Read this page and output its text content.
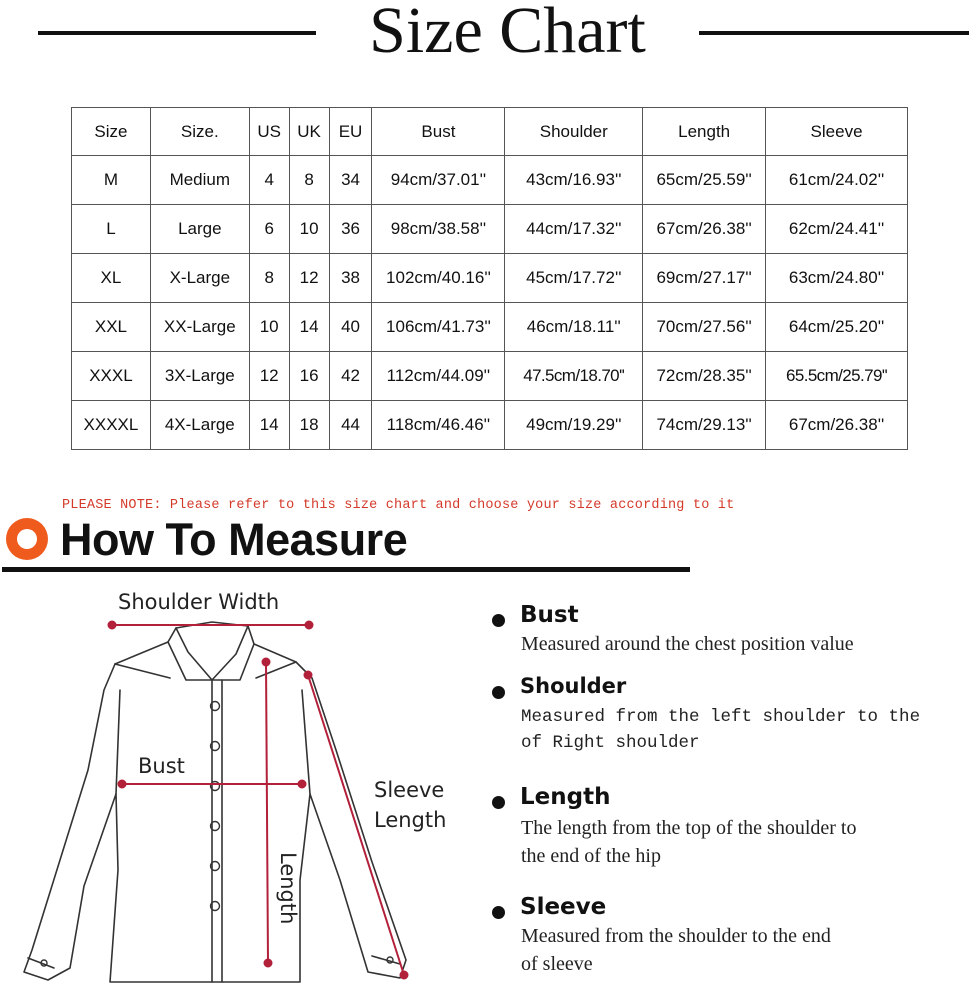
Size Chart
Size	Size.	US	UK	EU	Bust	Shoulder	Length	Sleeve
M	Medium	4	8	34	94cm/37.01''	43cm/16.93''	65cm/25.59''	61cm/24.02''
L	Large	6	10	36	98cm/38.58''	44cm/17.32''	67cm/26.38''	62cm/24.41''
XL	X-Large	8	12	38	102cm/40.16''	45cm/17.72''	69cm/27.17''	63cm/24.80''
XXL	XX-Large	10	14	40	106cm/41.73''	46cm/18.11''	70cm/27.56''	64cm/25.20''
XXXL	3X-Large	12	16	42	112cm/44.09''	47.5cm/18.70''	72cm/28.35''	65.5cm/25.79''
XXXXL	4X-Large	14	18	44	118cm/46.46''	49cm/19.29''	74cm/29.13''	67cm/26.38''
PLEASE NOTE: Please refer to this size chart and choose your size according to it
How To Measure
Shoulder Width
Bust
Length
Sleeve
Length
Bust
Measured around the chest position value
Shoulder
Measured from the left shoulder to the
of Right shoulder
Length
The length from the top of the shoulder to
the end of the hip
Sleeve
Measured from the shoulder to the end
of sleeve
